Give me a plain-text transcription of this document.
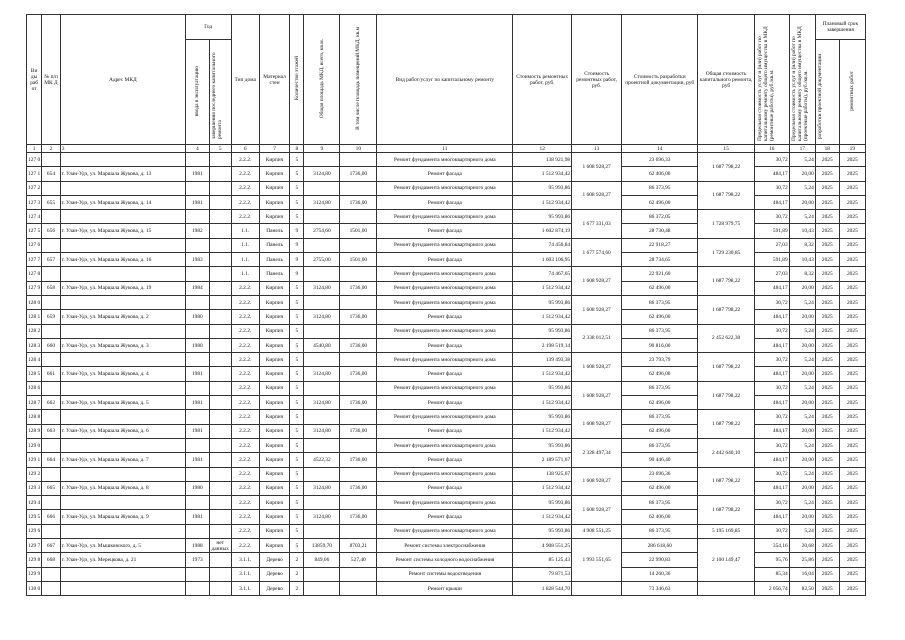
Ви ды раб от	№ п/п МК Д	Адрес МКД	Год		Тип дома	Материал стен	Количество этажей	Общая площадь МКД, всего, кв.м.	В том числе площадь помещений МКД, кв.м	Вид работ/услуг по капитальному ремонту	Стоимость ремонтных работ, руб.	Стоимость ремонтных работ, руб.	Стоимость разработки проектной документации, руб	Общая стоимость капитального ремонта, руб	Предельная стоимость услуг и (или) работ по капитальному ремонту общего имущества в МКД (ремонтные работы), руб./кв.м.	Предельная стоимость услуг и (или) работ по капитальному ремонту общего имущества в МКД (проектные работы), руб./кв.м.	Плановый срок завершения	
			ввода в эксплуатацию	завершения последнего капитального ремонта													разработки проектной документации	ремонтных работ
1	2	3	4	5	6	7	8	9	10	11	12	13	14	15	16	17	18	19
127 0					2.2.2.	Кирпич	5			Ремонт фундамента многоквартирного дома	138 921,98	1 608 928,27	23 696,33	1 687 798,22	30,72	5,24	2025	2025
127 1	654	г. Улан-Удэ, ул. Маршала Жукова, д. 13	1981		2.2.2.	Кирпич	5	3124,80	1736,00	Ремонт фасада	1 512 934,42		62 406,00		484,17	20,00	2025	2025
127 2					2.2.2.	Кирпич	5			Ремонт фундамента многоквартирного дома	95 993,86	1 608 928,27	86 373,95	1 687 798,22	30,72	5,24	2025	2025
127 3	655	г. Улан-Удэ, ул. Маршала Жукова, д. 14	1981		2.2.2.	Кирпич	5	3124,80	1736,00	Ремонт фасада	1 512 934,42		62 496,00		484,17	20,00	2025	2025
127 4					2.2.2.	Кирпич	5			Ремонт фундамента многоквартирного дома	95 993,86	1 677 331,03	86 372,05	1 728 979,75	30,72	5,24	2025	2025
127 5	656	г. Улан-Удэ, ул. Маршала Жукова, д. 15	1982		1.1.	Панель	9	2754,60	1501,00	Ремонт фасада	1 602 874,19		28 730,48		591,89	10,43	2025	2025
127 6					1.1.	Панель	9			Ремонт фундамента многоквартирного дома	74 456,84	1 677 574,60	22 918,27	1 729 230,85	27,03	8,32	2025	2025
127 7	657	г. Улан-Удэ, ул. Маршала Жукова, д. 16	1983		1.1.	Панель	9	2755,00	1501,00	Ремонт фасада	1 603 106,95		28 734,65		591,89	10,43	2025	2025
127 8					1.1.	Панель	9			Ремонт фундамента многоквартирного дома	74 467,65	1 608 928,27	22 921,60	1 687 798,22	27,03	8,32	2025	2025
127 9	658	г. Улан-Удэ, ул. Маршала Жукова, д. 19	1984		2.2.2.	Кирпич	5	3124,80	1736,00	Ремонт фундамента многоквартирного дома	1 512 934,42		62 496,00		484,17	20,00	2025	2025
128 0					2.2.2.	Кирпич	5			Ремонт фундамента многоквартирного дома	95 993,86	1 608 928,27	86 373,95	1 687 798,22	30,72	5,24	2025	2025
128 1	659	г. Улан-Удэ, ул. Маршала Жукова, д. 2	1980		2.2.2.	Кирпич	5	3124,80	1736,00	Ремонт фасада	1 512 934,42		62 496,00		484,17	20,00	2025	2025
128 2					2.2.2.	Кирпич	5			Ремонт фундамента многоквартирного дома	95 993,86	2 338 012,51	86 373,95	2 452 622,30	30,72	5,24	2025	2025
128 3	660	г. Улан-Удэ, ул. Маршала Жукова, д. 3	1980		2.2.2.	Кирпич	5	4540,80	1736,00	Ремонт фасада	2 198 519,14		90 816,00		484,17	20,00	2025	2025
128 4					2.2.2.	Кирпич	5			Ремонт фундамента многоквартирного дома	139 493,38	1 608 928,27	23 793,79	1 687 798,22	30,72	5,24	2025	2025
128 5	661	г. Улан-Удэ, ул. Маршала Жукова, д. 4	1981		2.2.2.	Кирпич	5	3124,80	1736,00	Ремонт фасада	1 512 934,42		62 496,00		484,17	20,00	2025	2025
128 6					2.2.2.	Кирпич	5			Ремонт фундамента многоквартирного дома	95 993,86	1 608 928,27	86 373,95	1 687 798,22	30,72	5,24	2025	2025
128 7	662	г. Улан-Удэ, ул. Маршала Жукова, д. 5	1981		2.2.2.	Кирпич	5	3124,80	1736,00	Ремонт фасада	1 512 934,42		62 496,00		484,17	20,00	2025	2025
128 8					2.2.2.	Кирпич	5			Ремонт фундамента многоквартирного дома	95 993,86	1 608 928,27	86 373,95	1 687 798,22	30,72	5,24	2025	2025
128 9	663	г. Улан-Удэ, ул. Маршала Жукова, д. 6	1981		2.2.2.	Кирпич	5	3124,80	1736,00	Ремонт фасада	1 512 934,42		62 496,00		484,17	20,00	2025	2025
129 0					2.2.2.	Кирпич	5			Ремонт фундамента многоквартирного дома	95 993,86	2 328 497,34	86 373,95	2 442 640,10	30,72	5,24	2025	2025
129 1	664	г. Улан-Удэ, ул. Маршала Жукова, д. 7	1981		2.2.2.	Кирпич	5	4522,32	1736,00	Ремонт фасада	2 189 571,67		90 446,40		484,17	20,00	2025	2025
129 2					2.2.2.	Кирпич	5			Ремонт фундамента многоквартирного дома	138 925,67	1 608 928,27	23 696,36	1 687 798,22	30,72	5,24	2025	2025
129 3	665	г. Улан-Удэ, ул. Маршала Жукова, д. 8	1980		2.2.2.	Кирпич	5	3124,80	1736,00	Ремонт фасада	1 512 934,42		62 496,00		484,17	20,00	2025	2025
129 4					2.2.2.	Кирпич	5			Ремонт фундамента многоквартирного дома	95 993,86	1 608 928,27	86 373,95	1 687 798,22	30,72	5,24	2025	2025
129 5	666	г. Улан-Удэ, ул. Маршала Жукова, д. 9	1981		2.2.2.	Кирпич	5	3124,80	1736,00	Ремонт фасада	1 512 934,42		62 406,00		484,17	20,00	2025	2025
129 6					2.2.2.	Кирпич	5			Ремонт фундамента многоквартирного дома	95 993,86	4 908 551,25	86 373,95	5 195 169,85	30,72	5,24	2025	2025
129 7	667	г. Улан-Удэ, ул. Мышковского, д. 5	1988	нет данных	2.2.2.	Кирпич	5	13859,70	8703,21	Ремонт системы электроснабжения	4 908 551,25	1 993 551,65	286 618,60	2 100 149,47	354,16	20,68	2025	2025
129 8	668	г. Улан-Удэ, ул. Мерецкова, д. 21	1973		3.1.1.	Дерево	2	849,06	527,40	Ремонт системы холодного водоснабжения	85 125,43		22 990,83		95,76	25,86	2025	2025
129 9					3.1.1.	Дерево	2			Ремонт системы водоотведения	79 871,53		14 260,36		85,34	16,04	2025	2025
130 0					3.1.1.	Дерево	2			Ремонт крыши	1 828 544,70		73 346,63		2 056,74	82,50	2025	2025
